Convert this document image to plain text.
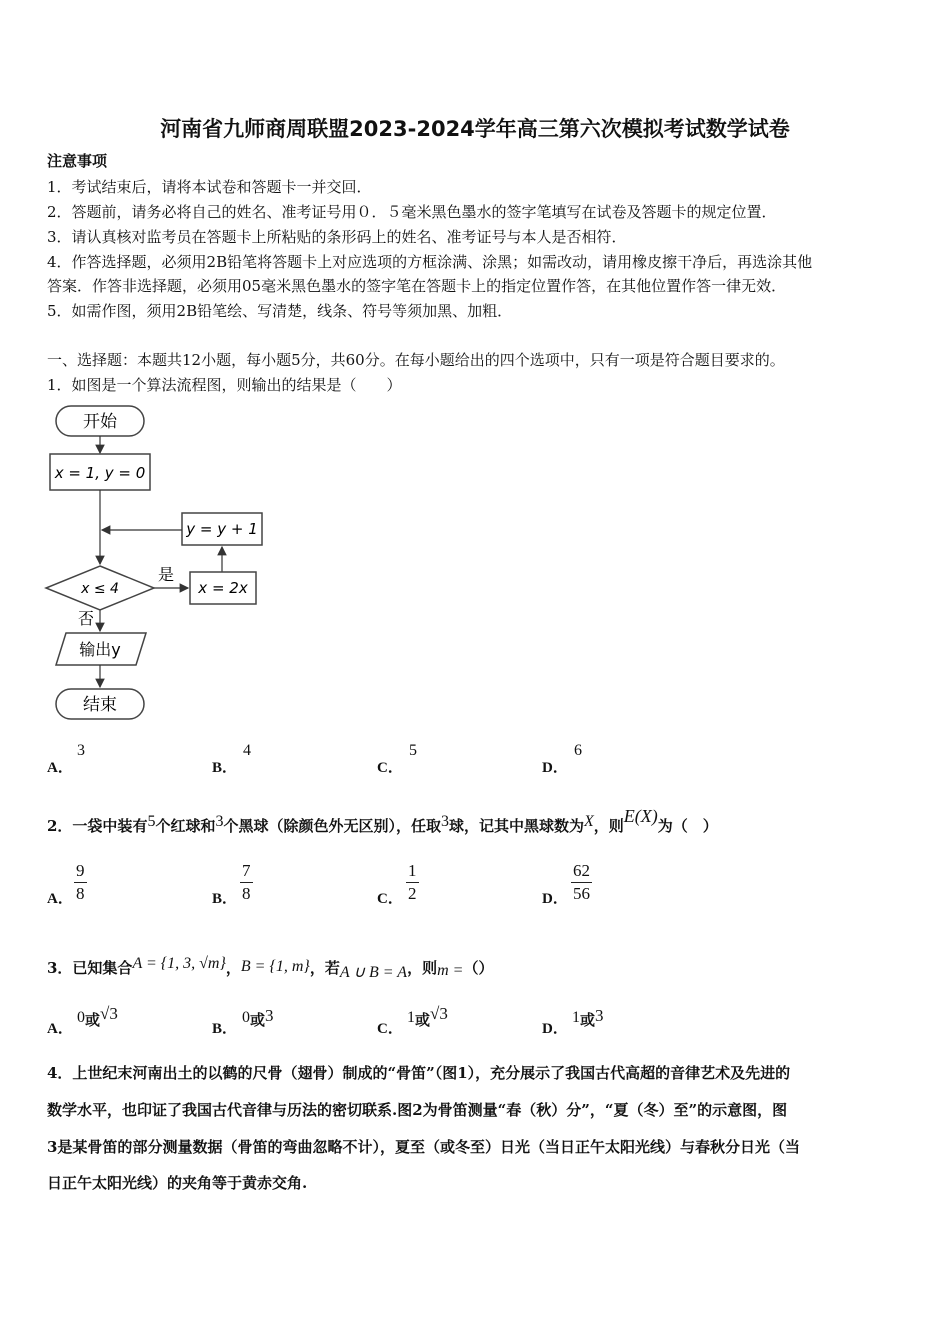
河南省九师商周联盟2023-2024学年高三第六次模拟考试数学试卷
注意事项
1．考试结束后，请将本试卷和答题卡一并交回．
2．答题前，请务必将自己的姓名、准考证号用０．５毫米黑色墨水的签字笔填写在试卷及答题卡的规定位置．
3．请认真核对监考员在答题卡上所粘贴的条形码上的姓名、准考证号与本人是否相符．
4．作答选择题，必须用2B铅笔将答题卡上对应选项的方框涂满、涂黑；如需改动，请用橡皮擦干净后，再选涂其他
答案．作答非选择题，必须用05毫米黑色墨水的签字笔在答题卡上的指定位置作答，在其他位置作答一律无效．
5．如需作图，须用2B铅笔绘、写清楚，线条、符号等须加黑、加粗．
一、选择题：本题共12小题，每小题5分，共60分。在每小题给出的四个选项中，只有一项是符合题目要求的。
1．如图是一个算法流程图，则输出的结果是（　　）
开始
x = 1, y = 0
y = y + 1
x ≤ 4
是
x = 2x
否
输出y
结束
A．
3
B．
4
C．
5
D．
6
2．一袋中装有5个红球和3个黑球（除颜色外无区别），任取3球，记其中黑球数为X，则E(X)为（　）
A． $\frac{9}{8}$	B． $\frac{7}{8}$	C． $\frac{1}{2}$	D． $\frac{62}{56}$
3．已知集合A = {1, 3, √m}，B = {1, m}，若A ∪ B = A，则m =（）
A．
0或√3
B．
0或3
C．
1或√3
D．
1或3
4．上世纪末河南出土的以鹤的尺骨（翅骨）制成的“骨笛”（图1），充分展示了我国古代高超的音律艺术及先进的
数学水平，也印证了我国古代音律与历法的密切联系.图2为骨笛测量“春（秋）分”，“夏（冬）至”的示意图，图
3是某骨笛的部分测量数据（骨笛的弯曲忽略不计），夏至（或冬至）日光（当日正午太阳光线）与春秋分日光（当
日正午太阳光线）的夹角等于黄赤交角.
